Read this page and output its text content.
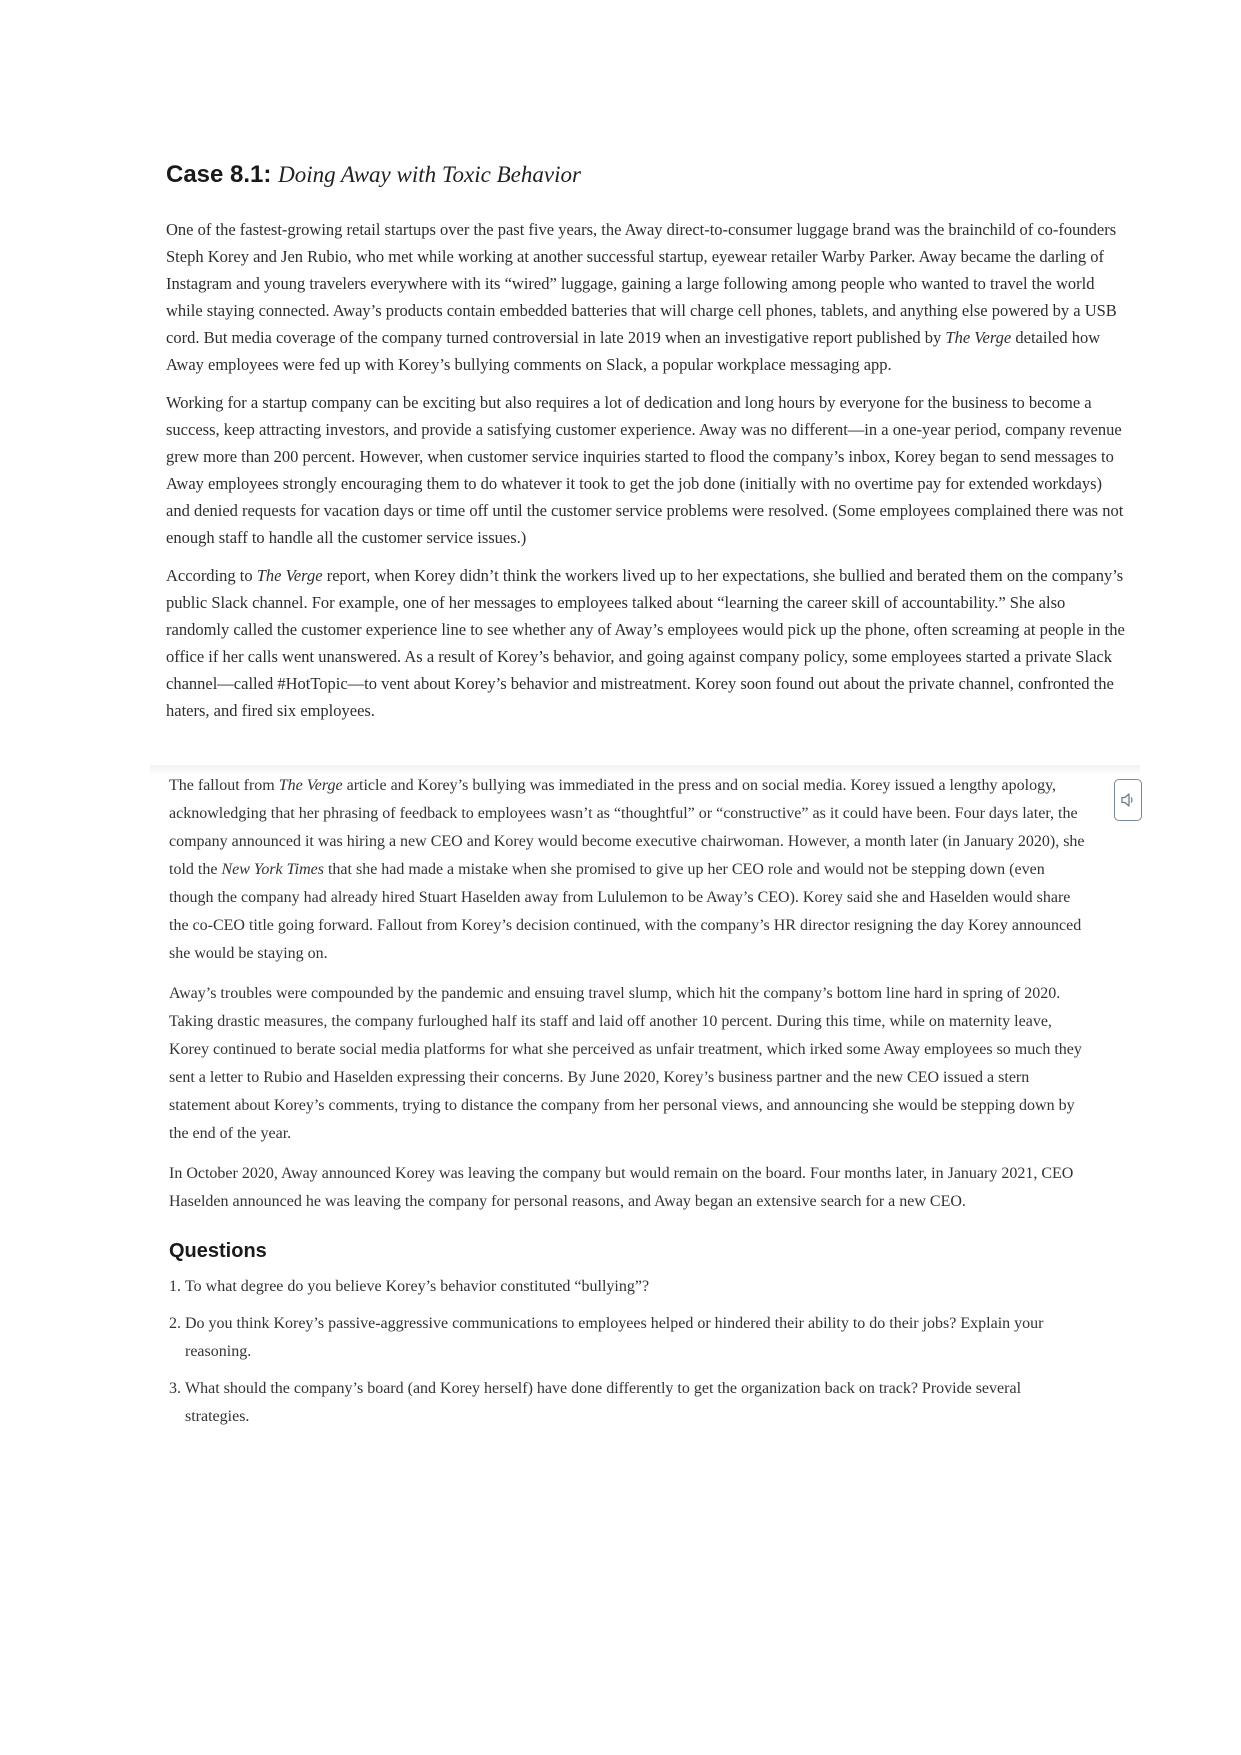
Case 8.1: Doing Away with Toxic Behavior

One of the fastest-growing retail startups over the past five years, the Away direct-to-consumer luggage brand was the brainchild of co-founders Steph Korey and Jen Rubio, who met while working at another successful startup, eyewear retailer Warby Parker. Away became the darling of Instagram and young travelers everywhere with its “wired” luggage, gaining a large following among people who wanted to travel the world while staying connected. Away’s products contain embedded batteries that will charge cell phones, tablets, and anything else powered by a USB cord. But media coverage of the company turned controversial in late 2019 when an investigative report published by The Verge detailed how Away employees were fed up with Korey’s bullying comments on Slack, a popular workplace messaging app.

Working for a startup company can be exciting but also requires a lot of dedication and long hours by everyone for the business to become a success, keep attracting investors, and provide a satisfying customer experience. Away was no different—in a one-year period, company revenue grew more than 200 percent. However, when customer service inquiries started to flood the company’s inbox, Korey began to send messages to Away employees strongly encouraging them to do whatever it took to get the job done (initially with no overtime pay for extended workdays) and denied requests for vacation days or time off until the customer service problems were resolved. (Some employees complained there was not enough staff to handle all the customer service issues.)

According to The Verge report, when Korey didn’t think the workers lived up to her expectations, she bullied and berated them on the company’s public Slack channel. For example, one of her messages to employees talked about “learning the career skill of accountability.” She also randomly called the customer experience line to see whether any of Away’s employees would pick up the phone, often screaming at people in the office if her calls went unanswered. As a result of Korey’s behavior, and going against company policy, some employees started a private Slack channel—called #HotTopic—to vent about Korey’s behavior and mistreatment. Korey soon found out about the private channel, confronted the haters, and fired six employees.

The fallout from The Verge article and Korey’s bullying was immediated in the press and on social media. Korey issued a lengthy apology, acknowledging that her phrasing of feedback to employees wasn’t as “thoughtful” or “constructive” as it could have been. Four days later, the company announced it was hiring a new CEO and Korey would become executive chairwoman. However, a month later (in January 2020), she told the New York Times that she had made a mistake when she promised to give up her CEO role and would not be stepping down (even though the company had already hired Stuart Haselden away from Lululemon to be Away’s CEO). Korey said she and Haselden would share the co-CEO title going forward. Fallout from Korey’s decision continued, with the company’s HR director resigning the day Korey announced she would be staying on.

Away’s troubles were compounded by the pandemic and ensuing travel slump, which hit the company’s bottom line hard in spring of 2020. Taking drastic measures, the company furloughed half its staff and laid off another 10 percent. During this time, while on maternity leave, Korey continued to berate social media platforms for what she perceived as unfair treatment, which irked some Away employees so much they sent a letter to Rubio and Haselden expressing their concerns. By June 2020, Korey’s business partner and the new CEO issued a stern statement about Korey’s comments, trying to distance the company from her personal views, and announcing she would be stepping down by the end of the year.

In October 2020, Away announced Korey was leaving the company but would remain on the board. Four months later, in January 2021, CEO Haselden announced he was leaving the company for personal reasons, and Away began an extensive search for a new CEO.

Questions
1. To what degree do you believe Korey’s behavior constituted “bullying”?
2. Do you think Korey’s passive-aggressive communications to employees helped or hindered their ability to do their jobs? Explain your reasoning.
3. What should the company’s board (and Korey herself) have done differently to get the organization back on track? Provide several strategies.
